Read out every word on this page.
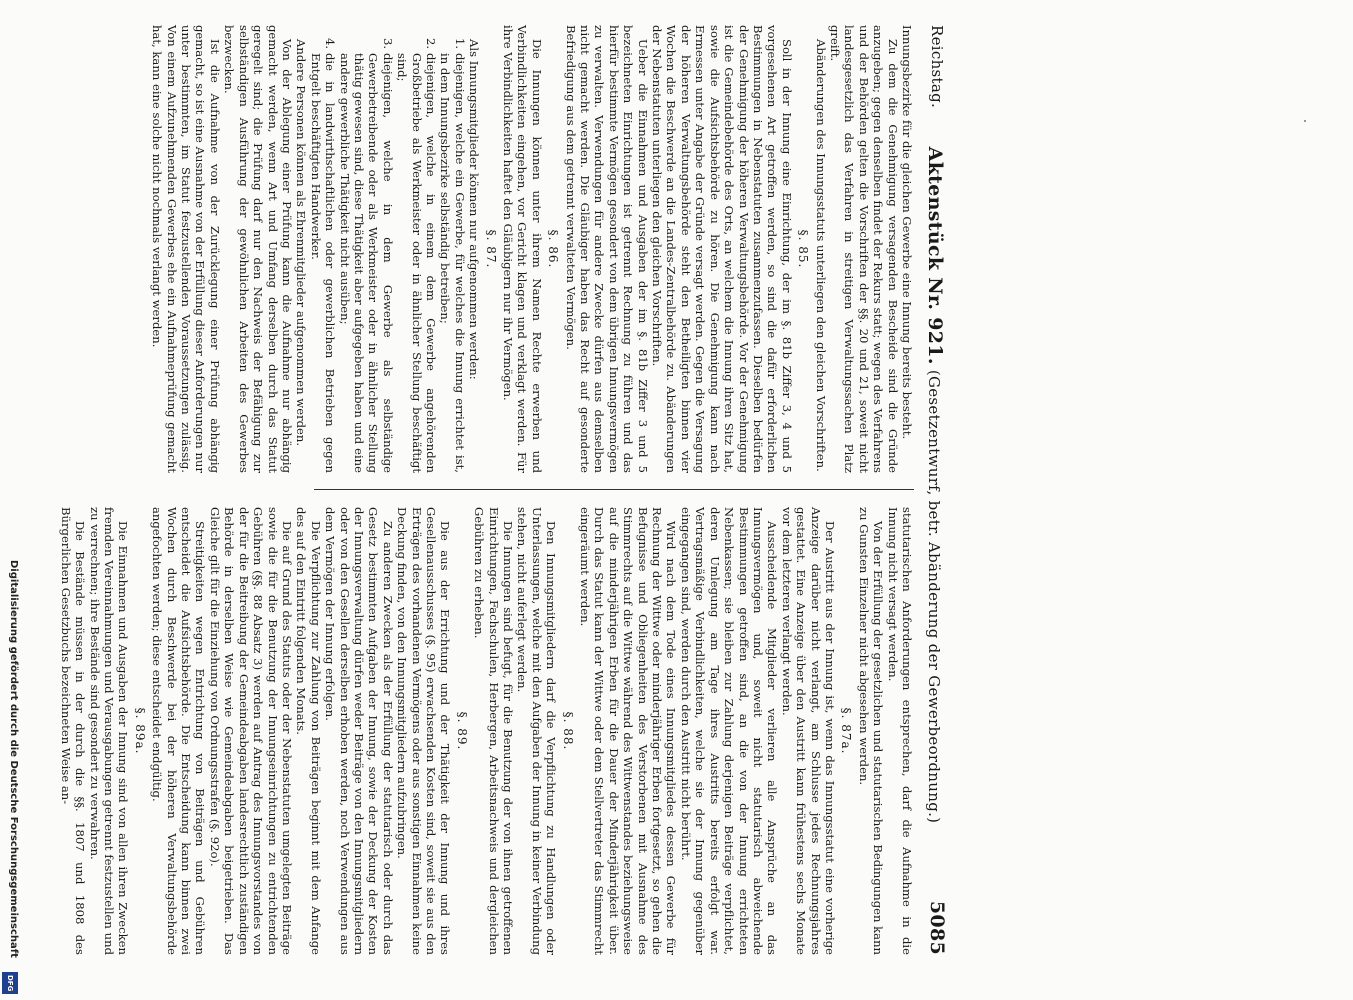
Reichstag.
Aktenstück Nr. 921. (Gesetzentwurf, betr. Abänderung der Gewerbeordnung.)
5085

Innungsbezirke für die gleichen Gewerbe eine Innung bereits besteht.

Zu dem die Genehmigung versagenden Bescheide sind die Gründe anzugeben; gegen denselben findet der Rekurs statt; wegen des Verfahrens und der Behörden gelten die Vorschriften der §§. 20 und 21, soweit nicht landesgesetzlich das Verfahren in streitigen Verwaltungssachen Platz greift.

Abänderungen des Innungsstatuts unterliegen den gleichen Vorschriften.

§. 85.

Soll in der Innung eine Einrichtung, der im §. 81b Ziffer 3, 4 und 5 vorgesehenen Art getroffen werden, so sind die dafür erforderlichen Bestimmungen in Nebenstatuten zusammenzufassen. Dieselben bedürfen der Genehmigung der höheren Verwaltungsbehörde. Vor der Genehmigung ist die Gemeindebehörde des Orts, an welchem die Innung ihren Sitz hat, sowie die Aufsichtsbehörde zu hören. Die Genehmigung kann nach Ermessen unter Angabe der Gründe versagt werden. Gegen die Versagung der höheren Verwaltungsbehörde steht den Betheiligten binnen vier Wochen die Beschwerde an die Landes-Zentralbehörde zu. Abänderungen der Nebenstatuten unterliegen den gleichen Vorschriften.

Ueber die Einnahmen und Ausgaben der im §. 81b Ziffer 3 und 5 bezeichneten Einrichtungen ist getrennt Rechnung zu führen und das hierfür bestimmte Vermögen gesondert von dem übrigen Innungsvermögen zu verwalten. Verwendungen für andere Zwecke dürfen aus demselben nicht gemacht werden. Die Gläubiger haben das Recht auf gesonderte Befriedigung aus dem getrennt verwalteten Vermögen.

§. 86.

Die Innungen können unter ihrem Namen Rechte erwerben und Verbindlichkeiten eingehen, vor Gericht klagen und verklagt werden. Für ihre Verbindlichkeiten haftet den Gläubigern nur ihr Vermögen.

§. 87.

Als Innungsmitglieder können nur aufgenommen werden:

1.
diejenigen, welche ein Gewerbe, für welches die Innung errichtet ist, in dem Innungsbezirke selbständig betreiben;
2.
diejenigen, welche in einem dem Gewerbe angehörenden Großbetriebe als Werkmeister oder in ähnlicher Stellung beschäftigt sind;
3.
diejenigen, welche in dem Gewerbe als selbständige Gewerbetreibende oder als Werkmeister oder in ähnlicher Stellung thätig gewesen sind, diese Thätigkeit aber aufgegeben haben und eine andere gewerbliche Thätigkeit nicht ausüben;
4.
die in landwirthschaftlichen oder gewerblichen Betrieben gegen Entgelt beschäftigten Handwerker.

Andere Personen können als Ehrenmitglieder aufgenommen werden.

Von der Ablegung einer Prüfung kann die Aufnahme nur abhängig gemacht werden, wenn Art und Umfang derselben durch das Statut geregelt sind; die Prüfung darf nur den Nachweis der Befähigung zur selbständigen Ausführung der gewöhnlichen Arbeiten des Gewerbes bezwecken.

Ist die Aufnahme von der Zurücklegung einer Prüfung abhängig gemacht, so ist eine Ausnahme von der Erfüllung dieser Anforderungen nur unter bestimmten, im Statut festzustellenden Voraussetzungen zulässig. Von einem Aufzunehmenden Gewerbes ehe ein Aufnahmeprüfung gemacht hat, kann eine solche nicht nochmals verlangt werden.

statutarischen Anforderungen entsprechen, darf die Aufnahme in die Innung nicht versagt werden.

Von der Erfüllung der gesetzlichen und statutarischen Bedingungen kann zu Gunsten Einzelner nicht abgesehen werden.

§. 87a.

Der Austritt aus der Innung ist, wenn das Innungsstatut eine vorherige Anzeige darüber nicht verlangt, am Schlusse jedes Rechnungsjahres gestattet. Eine Anzeige über den Austritt kann frühestens sechs Monate vor dem letzteren verlangt werden.

Ausscheidende Mitglieder verlieren alle Ansprüche an das Innungsvermögen und, soweit nicht statutarisch abweichende Bestimmungen getroffen sind, an die von der Innung errichteten Nebenkassen; sie bleiben zur Zahlung derjenigen Beiträge verpflichtet, deren Umlegung am Tage ihres Austritts bereits erfolgt war. Vertragsmäßige Verbindlichkeiten, welche sie der Innung gegenüber eingegangen sind, werden durch den Austritt nicht berührt.

Wird nach dem Tode eines Innungsmitgliedes dessen Gewerbe für Rechnung der Wittwe oder minderjähriger Erben fortgesetzt, so gehen die Befugnisse und Obliegenheiten des Verstorbenen mit Ausnahme des Stimmrechts auf die Wittwe während des Wittwenstandes beziehungsweise auf die minderjährigen Erben für die Dauer der Minderjährigkeit über. Durch das Statut kann der Wittwe oder dem Stellvertreter das Stimmrecht eingeräumt werden.

§. 88.

Den Innungsmitgliedern darf die Verpflichtung zu Handlungen oder Unterlassungen, welche mit den Aufgaben der Innung in keiner Verbindung stehen, nicht auferlegt werden.

Die Innungen sind befugt, für die Benutzung der von ihnen getroffenen Einrichtungen, Fachschulen, Herbergen, Arbeitsnachweis und dergleichen Gebühren zu erheben.

§. 89.

Die aus der Errichtung und der Thätigkeit der Innung und ihres Gesellenausschusses (§. 95) erwachsenden Kosten sind, soweit sie aus den Erträgen des vorhandenen Vermögens oder aus sonstigen Einnahmen keine Deckung finden, von den Innungsmitgliedern aufzubringen.

Zu anderen Zwecken als der Erfüllung der statutarisch oder durch das Gesetz bestimmten Aufgaben der Innung, sowie der Deckung der Kosten der Innungsverwaltung dürfen weder Beiträge von den Innungsmitgliedern oder von den Gesellen derselben erhoben werden, noch Verwendungen aus dem Vermögen der Innung erfolgen.

Die Verpflichtung zur Zahlung von Beiträgen beginnt mit dem Anfange des auf den Eintritt folgenden Monats.

Die auf Grund des Statuts oder der Nebenstatuten umgelegten Beiträge sowie die für die Benutzung der Innungseinrichtungen zu entrichtenden Gebühren (§§. 88 Absatz 3) werden auf Antrag des Innungsvorstandes von der für die Beitreibung der Gemeindeabgaben landesrechtlich zuständigen Behörde in derselben Weise wie Gemeindeabgaben beigetrieben. Das Gleiche gilt für die Einziehung von Ordnungsstrafen (§. 92o).

Streitigkeiten wegen Entrichtung von Beiträgen und Gebühren entscheidet die Aufsichtsbehörde. Die Entscheidung kann binnen zwei Wochen durch Beschwerde bei der höheren Verwaltungsbehörde angefochten werden; diese entscheidet endgültig.

§. 89a.

Die Einnahmen und Ausgaben der Innung sind von allen ihren Zwecken fremden Vereinnahmungen und Verausgabungen getrennt festzustellen und zu verrechnen; ihre Bestände sind gesondert zu verwahren.

Die Bestände müssen in der durch die §§. 1807 und 1808 des Bürgerlichen Gesetzbuchs bezeichneten Weise an-

Digitalisierung gefördert durch die Deutsche Forschungsgemeinschaft
DFG
